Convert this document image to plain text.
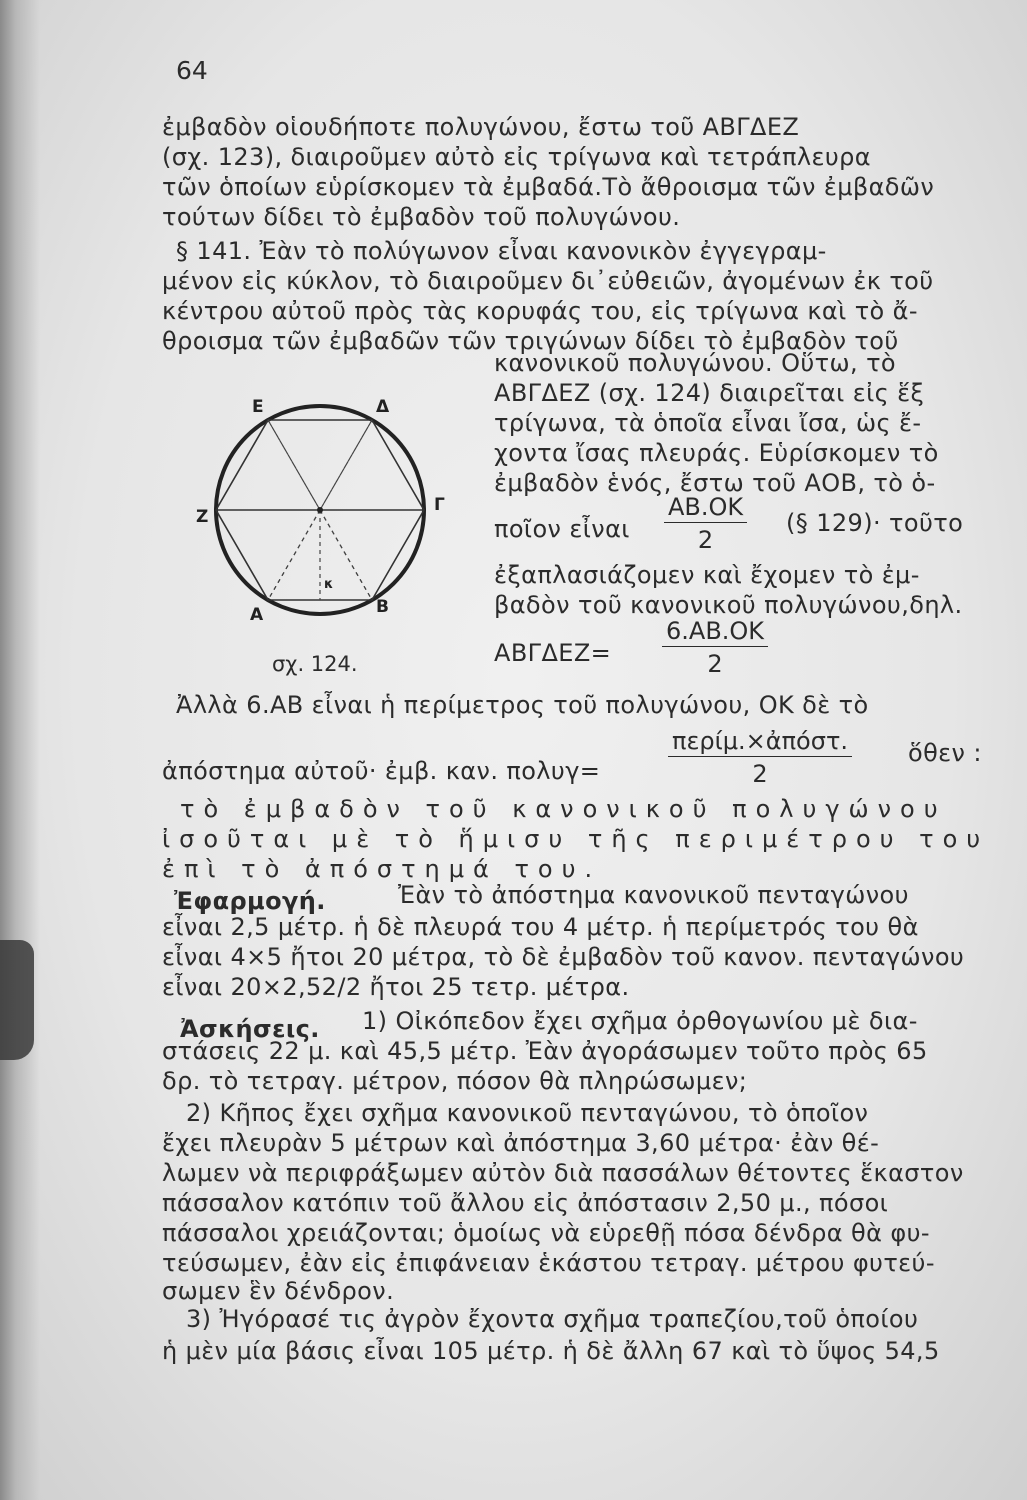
64
ἐμβαδὸν οἱουδήποτε πολυγώνου, ἔστω τοῦ ΑΒΓΔΕΖ
(σχ. 123), διαιροῦμεν αὐτὸ εἰς τρίγωνα καὶ τετράπλευρα
τῶν ὁποίων εὑρίσκομεν τὰ ἐμβαδά.Τὸ ἄθροισμα τῶν ἐμβαδῶν
τούτων δίδει τὸ ἐμβαδὸν τοῦ πολυγώνου.
§ 141. Ἐὰν τὸ πολύγωνον εἶναι κανονικὸν ἐγγεγραμ-
μένον εἰς κύκλον, τὸ διαιροῦμεν δι᾽εὐθειῶν, ἀγομένων ἐκ τοῦ
κέντρου αὐτοῦ πρὸς τὰς κορυφάς του, εἰς τρίγωνα καὶ τὸ ἄ-
θροισμα τῶν ἐμβαδῶν τῶν τριγώνων δίδει τὸ ἐμβαδὸν τοῦ
κανονικοῦ πολυγώνου. Οὕτω, τὸ
ΑΒΓΔΕΖ (σχ. 124) διαιρεῖται εἰς ἕξ
τρίγωνα, τὰ ὁποῖα εἶναι ἴσα, ὡς ἔ-
χοντα ἴσας πλευράς. Εὑρίσκομεν τὸ
ἐμβαδὸν ἑνός, ἔστω τοῦ ΑΟΒ, τὸ ὁ-
ποῖον εἶναι $\frac{AB.OK}{2}$ (§ 129)· τοῦτο
ἐξαπλασιάζομεν καὶ ἔχομεν τὸ ἐμ-
βαδὸν τοῦ κανονικοῦ πολυγώνου,δηλ.
$AB\Gamma\Delta EZ= \frac{6.AB.OK}{2}$
Ε	Δ
Γ
Ζ
Α	Β
κ
σχ. 124.
Ἀλλὰ 6.ΑΒ εἶναι ἡ περίμετρος τοῦ πολυγώνου, ΟΚ δὲ τὸ
ἀπόστημα αὐτοῦ· ἐμβ. καν. πολυγ=
περίμ.×ἀπόστ.
2
ὅθεν :
τὸ ἐμβαδὸν τοῦ κανονικοῦ πολυγώνου
ἰσοῦται μὲ τὸ ἥμισυ τῆς περιμέτρου του
ἐπὶ τὸ ἀπόστημά του.
Ἐφαρμογή.	Ἐὰν τὸ ἀπόστημα κανονικοῦ πενταγώνου
εἶναι 2,5 μέτρ. ἡ δὲ πλευρά του 4 μέτρ. ἡ περίμετρός του θὰ
εἶναι 4×5 ἤτοι 20 μέτρα, τὸ δὲ ἐμβαδὸν τοῦ κανον. πενταγώνου
εἶναι 20×2,52/2 ἤτοι 25 τετρ. μέτρα.
Ἀσκήσεις. 1) Οἰκόπεδον ἔχει σχῆμα ὀρθογωνίου μὲ δια-
στάσεις 22 μ. καὶ 45,5 μέτρ. Ἐὰν ἀγοράσωμεν τοῦτο πρὸς 65
δρ. τὸ τετραγ. μέτρον, πόσον θὰ πληρώσωμεν;
2) Κῆπος ἔχει σχῆμα κανονικοῦ πενταγώνου, τὸ ὁποῖον
ἔχει πλευρὰν 5 μέτρων καὶ ἀπόστημα 3,60 μέτρα· ἐὰν θέ-
λωμεν νὰ περιφράξωμεν αὐτὸν διὰ πασσάλων θέτοντες ἕκαστον
πάσσαλον κατόπιν τοῦ ἄλλου εἰς ἀπόστασιν 2,50 μ., πόσοι
πάσσαλοι χρειάζονται; ὁμοίως νὰ εὑρεθῇ πόσα δένδρα θὰ φυ-
τεύσωμεν, ἐὰν εἰς ἐπιφάνειαν ἑκάστου τετραγ. μέτρου φυτεύ-
σωμεν ἓν δένδρον.
3) Ἠγόρασέ τις ἀγρὸν ἔχοντα σχῆμα τραπεζίου,τοῦ ὁποίου
ἡ μὲν μία βάσις εἶναι 105 μέτρ. ἡ δὲ ἄλλη 67 καὶ τὸ ὕψος 54,5
